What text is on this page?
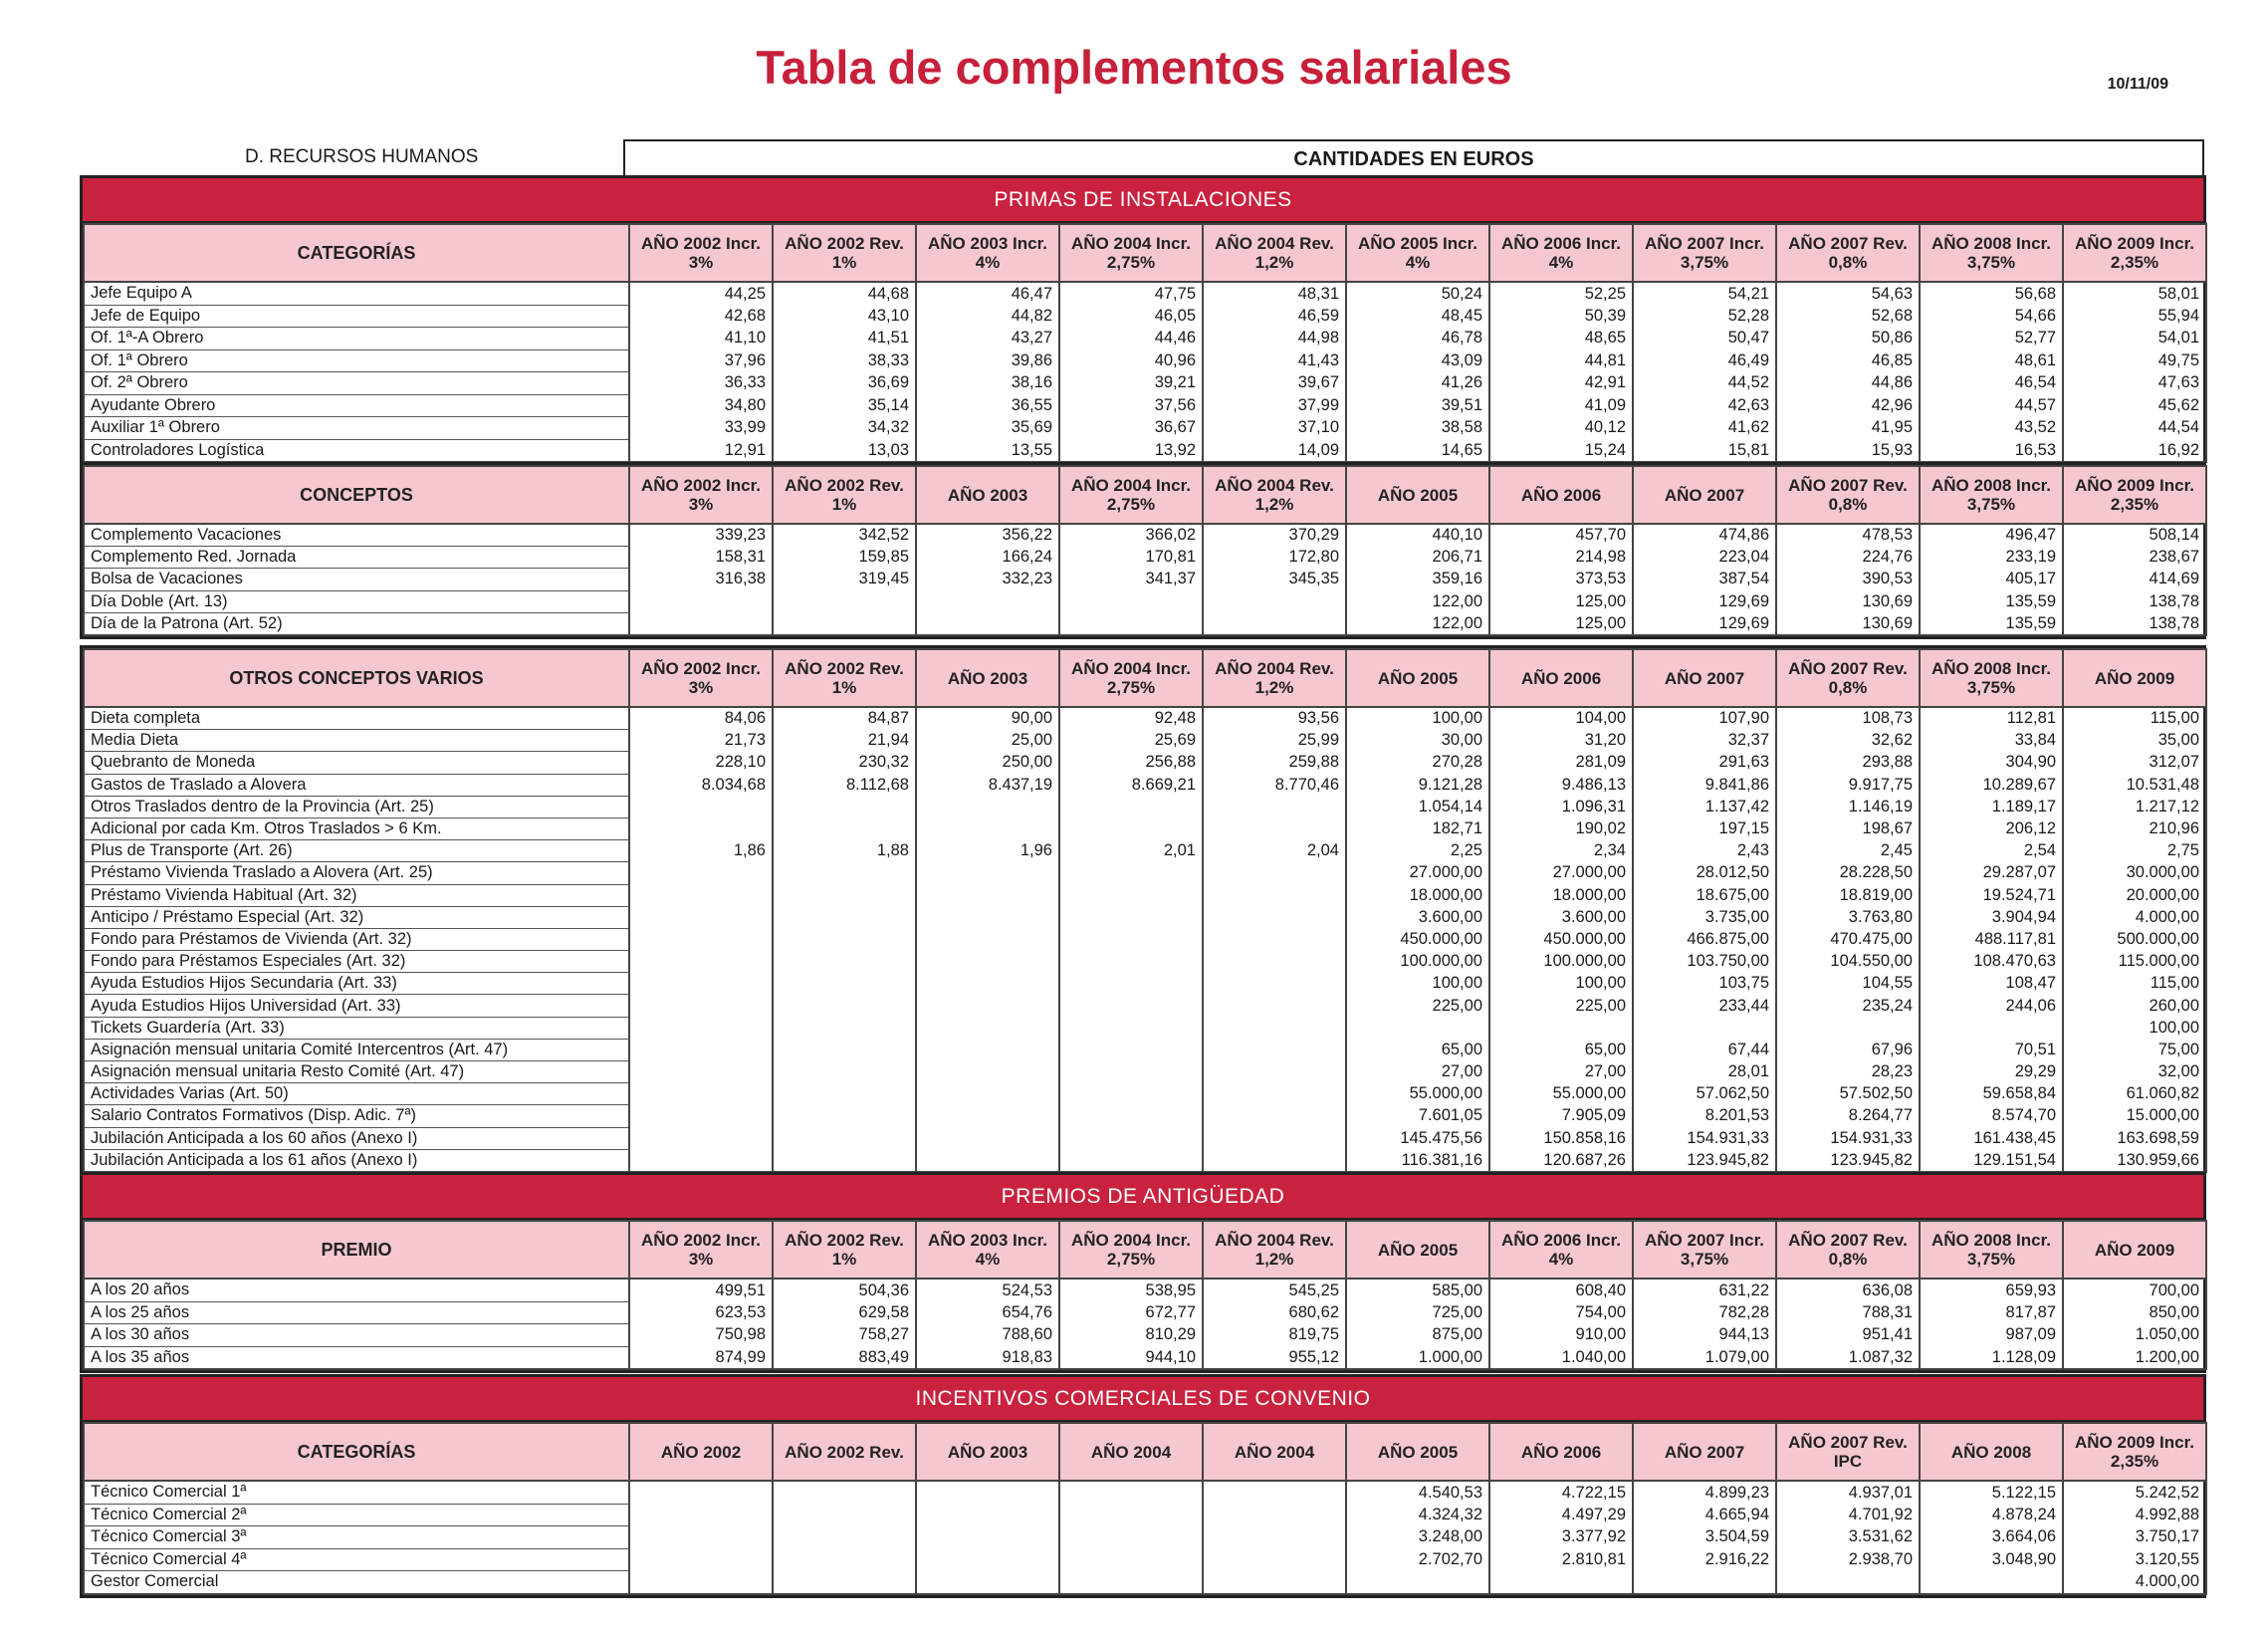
Tabla de complementos salariales	10/11/09
D. RECURSOS HUMANOS	CANTIDADES EN EUROS
PRIMAS DE INSTALACIONES
CATEGORÍAS	AÑO 2002 Incr. 3%	AÑO 2002 Rev. 1%	AÑO 2003 Incr. 4%	AÑO 2004 Incr. 2,75%	AÑO 2004 Rev. 1,2%	AÑO 2005 Incr. 4%	AÑO 2006 Incr. 4%	AÑO 2007 Incr. 3,75%	AÑO 2007 Rev. 0,8%	AÑO 2008 Incr. 3,75%	AÑO 2009 Incr. 2,35%
Jefe Equipo A	44,25	44,68	46,47	47,75	48,31	50,24	52,25	54,21	54,63	56,68	58,01
Jefe de Equipo	42,68	43,10	44,82	46,05	46,59	48,45	50,39	52,28	52,68	54,66	55,94
Of. 1ª-A Obrero	41,10	41,51	43,27	44,46	44,98	46,78	48,65	50,47	50,86	52,77	54,01
Of. 1ª Obrero	37,96	38,33	39,86	40,96	41,43	43,09	44,81	46,49	46,85	48,61	49,75
Of. 2ª Obrero	36,33	36,69	38,16	39,21	39,67	41,26	42,91	44,52	44,86	46,54	47,63
Ayudante Obrero	34,80	35,14	36,55	37,56	37,99	39,51	41,09	42,63	42,96	44,57	45,62
Auxiliar 1ª Obrero	33,99	34,32	35,69	36,67	37,10	38,58	40,12	41,62	41,95	43,52	44,54
Controladores Logística	12,91	13,03	13,55	13,92	14,09	14,65	15,24	15,81	15,93	16,53	16,92
CONCEPTOS	AÑO 2002 Incr. 3%	AÑO 2002 Rev. 1%	AÑO 2003	AÑO 2004 Incr. 2,75%	AÑO 2004 Rev. 1,2%	AÑO 2005	AÑO 2006	AÑO 2007	AÑO 2007 Rev. 0,8%	AÑO 2008 Incr. 3,75%	AÑO 2009 Incr. 2,35%
Complemento Vacaciones	339,23	342,52	356,22	366,02	370,29	440,10	457,70	474,86	478,53	496,47	508,14
Complemento Red. Jornada	158,31	159,85	166,24	170,81	172,80	206,71	214,98	223,04	224,76	233,19	238,67
Bolsa de Vacaciones	316,38	319,45	332,23	341,37	345,35	359,16	373,53	387,54	390,53	405,17	414,69
Día Doble (Art. 13)						122,00	125,00	129,69	130,69	135,59	138,78
Día de la Patrona (Art. 52)						122,00	125,00	129,69	130,69	135,59	138,78
OTROS CONCEPTOS VARIOS	AÑO 2002 Incr. 3%	AÑO 2002 Rev. 1%	AÑO 2003	AÑO 2004 Incr. 2,75%	AÑO 2004 Rev. 1,2%	AÑO 2005	AÑO 2006	AÑO 2007	AÑO 2007 Rev. 0,8%	AÑO 2008 Incr. 3,75%	AÑO 2009
Dieta completa	84,06	84,87	90,00	92,48	93,56	100,00	104,00	107,90	108,73	112,81	115,00
Media Dieta	21,73	21,94	25,00	25,69	25,99	30,00	31,20	32,37	32,62	33,84	35,00
Quebranto de Moneda	228,10	230,32	250,00	256,88	259,88	270,28	281,09	291,63	293,88	304,90	312,07
Gastos de Traslado a Alovera	8.034,68	8.112,68	8.437,19	8.669,21	8.770,46	9.121,28	9.486,13	9.841,86	9.917,75	10.289,67	10.531,48
Otros Traslados dentro de la Provincia (Art. 25)						1.054,14	1.096,31	1.137,42	1.146,19	1.189,17	1.217,12
Adicional por cada Km. Otros Traslados > 6 Km.						182,71	190,02	197,15	198,67	206,12	210,96
Plus de Transporte (Art. 26)	1,86	1,88	1,96	2,01	2,04	2,25	2,34	2,43	2,45	2,54	2,75
Préstamo Vivienda Traslado a Alovera (Art. 25)						27.000,00	27.000,00	28.012,50	28.228,50	29.287,07	30.000,00
Préstamo Vivienda Habitual (Art. 32)						18.000,00	18.000,00	18.675,00	18.819,00	19.524,71	20.000,00
Anticipo / Préstamo Especial (Art. 32)						3.600,00	3.600,00	3.735,00	3.763,80	3.904,94	4.000,00
Fondo para Préstamos de Vivienda (Art. 32)						450.000,00	450.000,00	466.875,00	470.475,00	488.117,81	500.000,00
Fondo para Préstamos Especiales (Art. 32)						100.000,00	100.000,00	103.750,00	104.550,00	108.470,63	115.000,00
Ayuda Estudios Hijos Secundaria (Art. 33)						100,00	100,00	103,75	104,55	108,47	115,00
Ayuda Estudios Hijos Universidad (Art. 33)						225,00	225,00	233,44	235,24	244,06	260,00
Tickets Guardería (Art. 33)											100,00
Asignación mensual unitaria Comité Intercentros (Art. 47)						65,00	65,00	67,44	67,96	70,51	75,00
Asignación mensual unitaria Resto Comité (Art. 47)						27,00	27,00	28,01	28,23	29,29	32,00
Actividades Varias (Art. 50)						55.000,00	55.000,00	57.062,50	57.502,50	59.658,84	61.060,82
Salario Contratos Formativos (Disp. Adic. 7ª)						7.601,05	7.905,09	8.201,53	8.264,77	8.574,70	15.000,00
Jubilación Anticipada a los 60 años (Anexo I)						145.475,56	150.858,16	154.931,33	154.931,33	161.438,45	163.698,59
Jubilación Anticipada a los 61 años (Anexo I)						116.381,16	120.687,26	123.945,82	123.945,82	129.151,54	130.959,66
PREMIOS DE ANTIGÜEDAD
PREMIO	AÑO 2002 Incr. 3%	AÑO 2002 Rev. 1%	AÑO 2003 Incr. 4%	AÑO 2004 Incr. 2,75%	AÑO 2004 Rev. 1,2%	AÑO 2005	AÑO 2006 Incr. 4%	AÑO 2007 Incr. 3,75%	AÑO 2007 Rev. 0,8%	AÑO 2008 Incr. 3,75%	AÑO 2009
A los 20 años	499,51	504,36	524,53	538,95	545,25	585,00	608,40	631,22	636,08	659,93	700,00
A los 25 años	623,53	629,58	654,76	672,77	680,62	725,00	754,00	782,28	788,31	817,87	850,00
A los 30 años	750,98	758,27	788,60	810,29	819,75	875,00	910,00	944,13	951,41	987,09	1.050,00
A los 35 años	874,99	883,49	918,83	944,10	955,12	1.000,00	1.040,00	1.079,00	1.087,32	1.128,09	1.200,00
INCENTIVOS COMERCIALES DE CONVENIO
CATEGORÍAS	AÑO 2002	AÑO 2002 Rev.	AÑO 2003	AÑO 2004	AÑO 2004	AÑO 2005	AÑO 2006	AÑO 2007	AÑO 2007 Rev. IPC	AÑO 2008	AÑO 2009 Incr. 2,35%
Técnico Comercial 1ª						4.540,53	4.722,15	4.899,23	4.937,01	5.122,15	5.242,52
Técnico Comercial 2ª						4.324,32	4.497,29	4.665,94	4.701,92	4.878,24	4.992,88
Técnico Comercial 3ª						3.248,00	3.377,92	3.504,59	3.531,62	3.664,06	3.750,17
Técnico Comercial 4ª						2.702,70	2.810,81	2.916,22	2.938,70	3.048,90	3.120,55
Gestor Comercial											4.000,00
